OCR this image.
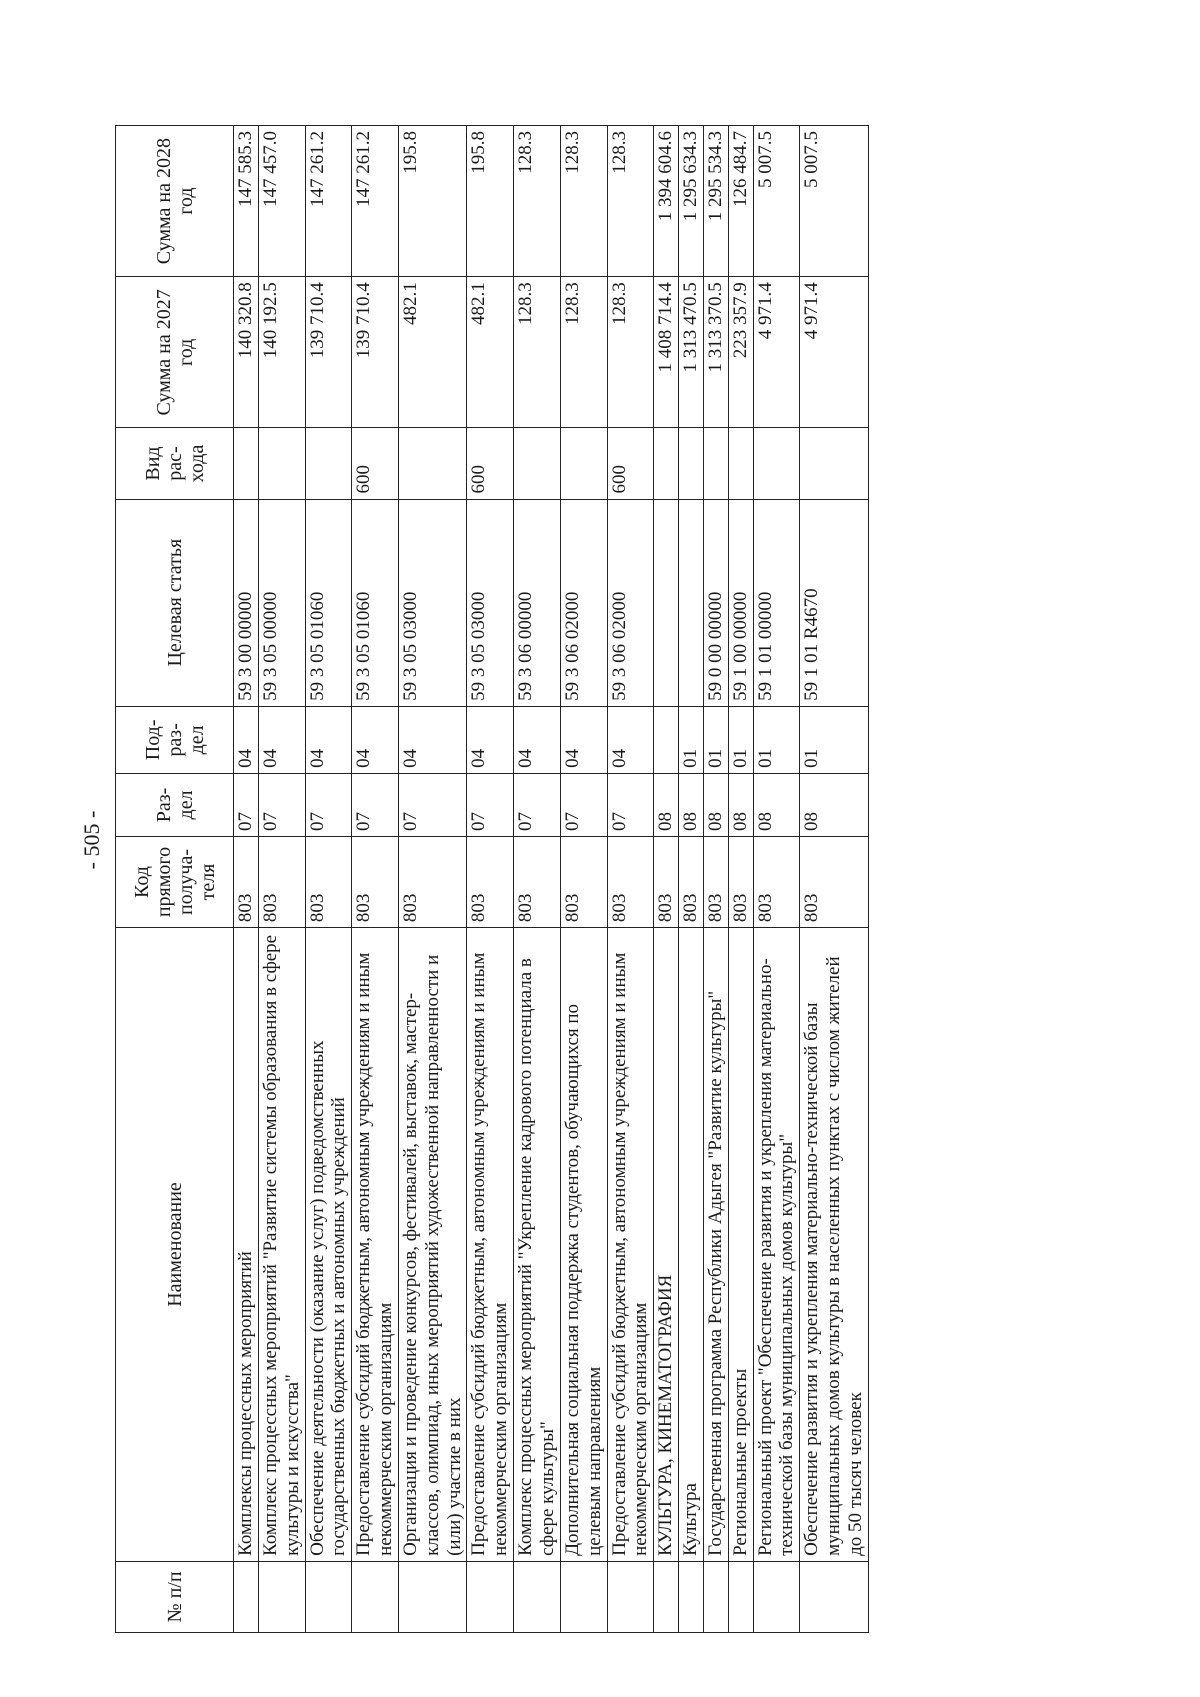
- 505 -
№ п/п	Наименование	Код прямого получа-теля	Раз-дел	Под-раз-дел	Целевая статья	Вид рас-хода	Сумма на 2027 год	Сумма на 2028 год
	Комплексы процессных мероприятий	803	07	04	59 3 00 00000		140 320.8	147 585.3
	Комплекс процессных мероприятий "Развитие системы образования в сфере культуры и искусства"	803	07	04	59 3 05 00000		140 192.5	147 457.0
	Обеспечение деятельности (оказание услуг) подведомственных государственных бюджетных и автономных учреждений	803	07	04	59 3 05 01060		139 710.4	147 261.2
	Предоставление субсидий бюджетным, автономным учреждениям и иным некоммерческим организациям	803	07	04	59 3 05 01060	600	139 710.4	147 261.2
	Организация и проведение конкурсов, фестивалей, выставок, мастер-классов, олимпиад, иных мероприятий художественной направленности и (или) участие в них	803	07	04	59 3 05 03000		482.1	195.8
	Предоставление субсидий бюджетным, автономным учреждениям и иным некоммерческим организациям	803	07	04	59 3 05 03000	600	482.1	195.8
	Комплекс процессных мероприятий "Укрепление кадрового потенциала в сфере культуры"	803	07	04	59 3 06 00000		128.3	128.3
	Дополнительная социальная поддержка студентов, обучающихся по целевым направлениям	803	07	04	59 3 06 02000		128.3	128.3
	Предоставление субсидий бюджетным, автономным учреждениям и иным некоммерческим организациям	803	07	04	59 3 06 02000	600	128.3	128.3
	КУЛЬТУРА, КИНЕМАТОГРАФИЯ	803	08				1 408 714.4	1 394 604.6
	Культура	803	08	01			1 313 470.5	1 295 634.3
	Государственная программа Республики Адыгея "Развитие культуры"	803	08	01	59 0 00 00000		1 313 370.5	1 295 534.3
	Региональные проекты	803	08	01	59 1 00 00000		223 357.9	126 484.7
	Региональный проект "Обеспечение развития и укрепления материально-технической базы муниципальных домов культуры"	803	08	01	59 1 01 00000		4 971.4	5 007.5
	Обеспечение развития и укрепления материально-технической базы муниципальных домов культуры в населенных пунктах с числом жителей до 50 тысяч человек	803	08	01	59 1 01 R4670		4 971.4	5 007.5
